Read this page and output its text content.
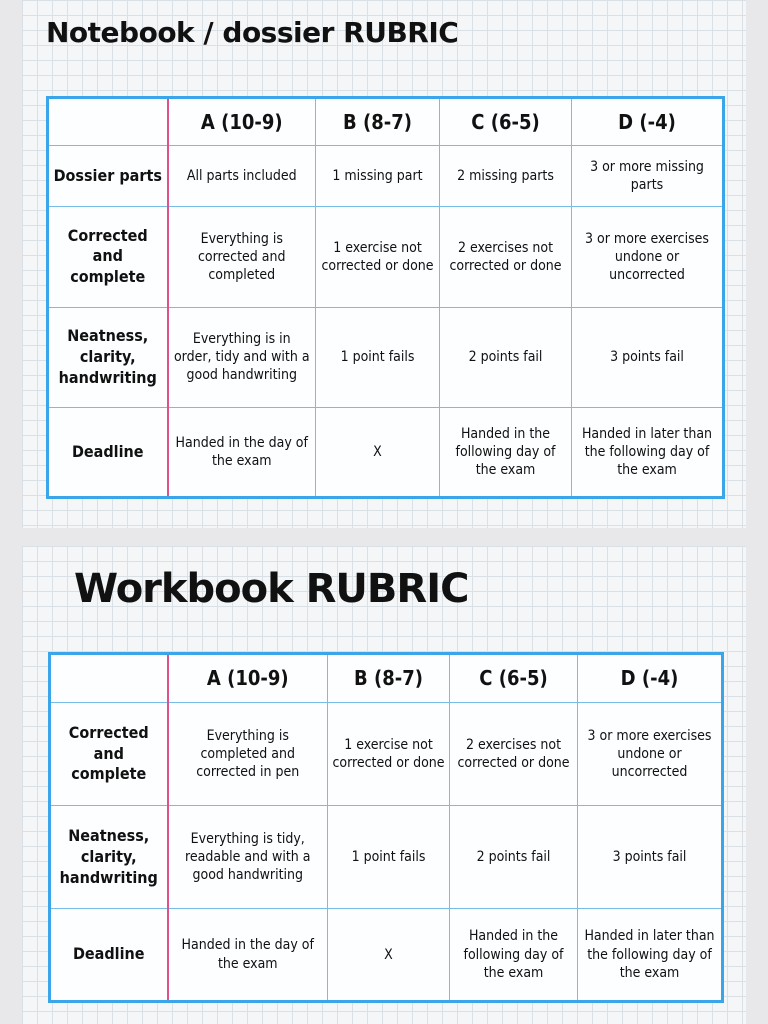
Notebook / dossier RUBRIC
	A (10-9)	B (8-7)	C (6-5)	D (-4)
Dossier parts	All parts included	1 missing part	2 missing parts	3 or more missing parts
Corrected and complete	Everything is corrected and completed	1 exercise not corrected or done	2 exercises not corrected or done	3 or more exercises undone or uncorrected
Neatness, clarity, handwriting	Everything is in order, tidy and with a good handwriting	1 point fails	2 points fail	3 points fail
Deadline	Handed in the day of the exam	X	Handed in the following day of the exam	Handed in later than the following day of the exam
Workbook RUBRIC
	A (10-9)	B (8-7)	C (6-5)	D (-4)
Corrected and complete	Everything is completed and corrected in pen	1 exercise not corrected or done	2 exercises not corrected or done	3 or more exercises undone or uncorrected
Neatness, clarity, handwriting	Everything is tidy, readable and with a good handwriting	1 point fails	2 points fail	3 points fail
Deadline	Handed in the day of the exam	X	Handed in the following day of the exam	Handed in later than the following day of the exam
